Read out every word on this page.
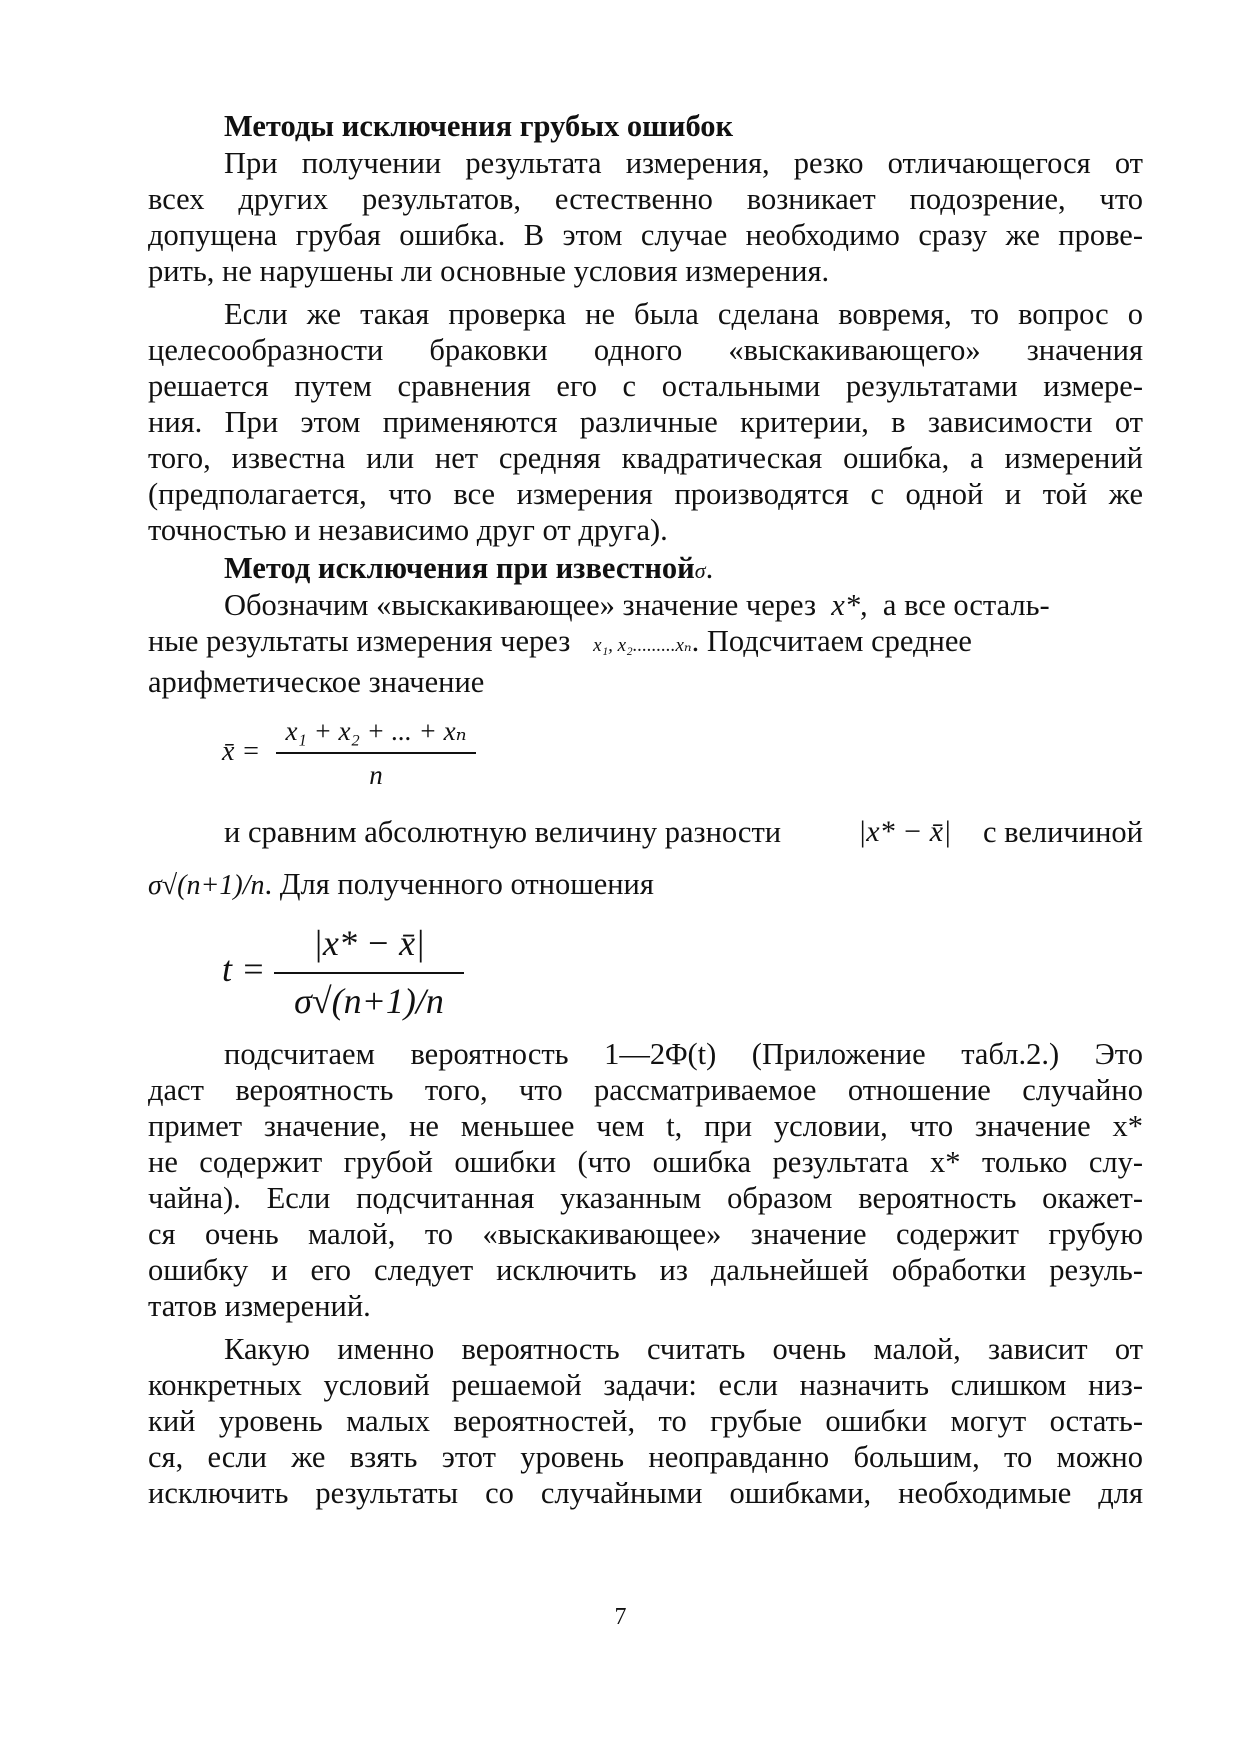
Методы исключения грубых ошибок
При получении результата измерения, резко отличающегося от
всех других результатов, естественно возникает подозрение, что
допущена грубая ошибка. В этом случае необходимо сразу же прове-
рить, не нарушены ли основные условия измерения.
Если же такая проверка не была сделана вовремя, то вопрос о
целесообразности браковки одного «выскакивающего» значения
решается путем сравнения его с остальными результатами измере-
ния. При этом применяются различные критерии, в зависимости от
того, известна или нет средняя квадратическая ошибка, а измерений
(предполагается, что все измерения производятся с одной и той же
точностью и независимо друг от друга).
Метод исключения при известнойσ.
Обозначим «выскакивающее» значение через x*, а все осталь-
ные результаты измерения через x₁, x₂.........xₙ. Подсчитаем среднее
арифметическое значение
x̄ =
x₁ + x₂ + ... + xₙ
n
и сравним абсолютную величину разности	|x* − x̄| с величиной
σ√(n+1)/n. Для полученного отношения
t =
|x* − x̄|
σ√(n+1)/n
подсчитаем вероятность 1—2Φ(t) (Приложение табл.2.) Это
даст вероятность того, что рассматриваемое отношение случайно
примет значение, не меньшее чем t, при условии, что значение x*
не содержит грубой ошибки (что ошибка результата x* только слу-
чайна). Если подсчитанная указанным образом вероятность окажет-
ся очень малой, то «выскакивающее» значение содержит грубую
ошибку и его следует исключить из дальнейшей обработки резуль-
татов измерений.
Какую именно вероятность считать очень малой, зависит от
конкретных условий решаемой задачи: если назначить слишком низ-
кий уровень малых вероятностей, то грубые ошибки могут остать-
ся, если же взять этот уровень неоправданно большим, то можно
исключить результаты со случайными ошибками, необходимые для
7
